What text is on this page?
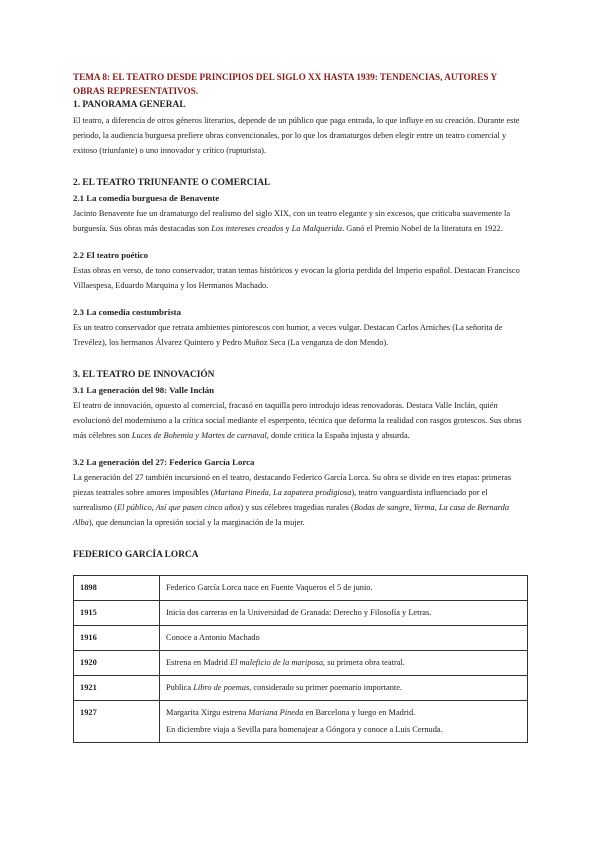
TEMA 8: EL TEATRO DESDE PRINCIPIOS DEL SIGLO XX HASTA 1939: TENDENCIAS, AUTORES Y OBRAS REPRESENTATIVOS.

1. PANORAMA GENERAL

El teatro, a diferencia de otros géneros literarios, depende de un público que paga entrada, lo que influye en su creación. Durante este periodo, la audiencia burguesa prefiere obras convencionales, por lo que los dramaturgos deben elegir entre un teatro comercial y exitoso (triunfante) o uno innovador y crítico (rupturista).

2. EL TEATRO TRIUNFANTE O COMERCIAL

2.1 La comedia burguesa de Benavente

Jacinto Benavente fue un dramaturgo del realismo del siglo XIX, con un teatro elegante y sin excesos, que criticaba suavemente la burguesía. Sus obras más destacadas son Los intereses creados y La Malquerida. Ganó el Premio Nobel de la literatura en 1922.

2.2 El teatro poético

Estas obras en verso, de tono conservador, tratan temas históricos y evocan la gloria perdida del Imperio español. Destacan Francisco Villaespesa, Eduardo Marquina y los Hermanos Machado.

2.3 La comedia costumbrista

Es un teatro conservador que retrata ambientes pintorescos con humor, a veces vulgar. Destacan Carlos Arniches (La señorita de Trevélez), los hermanos Álvarez Quintero y Pedro Muñoz Seca (La venganza de don Mendo).

3. EL TEATRO DE INNOVACIÓN

3.1 La generación del 98: Valle Inclán

El teatro de innovación, opuesto al comercial, fracasó en taquilla pero introdujo ideas renovadoras. Destaca Valle Inclán, quién evolucionó del modernismo a la crítica social mediante el esperpento, técnica que deforma la realidad con rasgos grotescos. Sus obras más célebres son Luces de Bohemia y Martes de carnaval, donde critica la España injusta y absurda.

3.2 La generación del 27: Federico García Lorca

La generación del 27 también incursionó en el teatro, destacando Federico García Lorca. Su obra se divide en tres etapas: primeras piezas teatrales sobre amores imposibles (Mariana Pineda, La zapatera prodigiosa), teatro vanguardista influenciado por el surrealismo (El público, Así que pasen cinco años) y sus célebres tragedias rurales (Bodas de sangre, Yerma, La casa de Bernarda Alba), que denuncian la opresión social y la marginación de la mujer.

FEDERICO GARCÍA LORCA

1898	Federico García Lorca nace en Fuente Vaqueros el 5 de junio.
1915	Inicia dos carreras en la Universidad de Granada: Derecho y Filosofía y Letras.
1916	Conoce a Antonio Machado
1920	Estrena en Madrid El maleficio de la mariposa, su primera obra teatral.
1921	Publica Libro de poemas, considerado su primer poemario importante.
1927	Margarita Xirgu estrena Mariana Pineda en Barcelona y luego en Madrid.
En diciembre viaja a Sevilla para homenajear a Góngora y conoce a Luis Cernuda.
